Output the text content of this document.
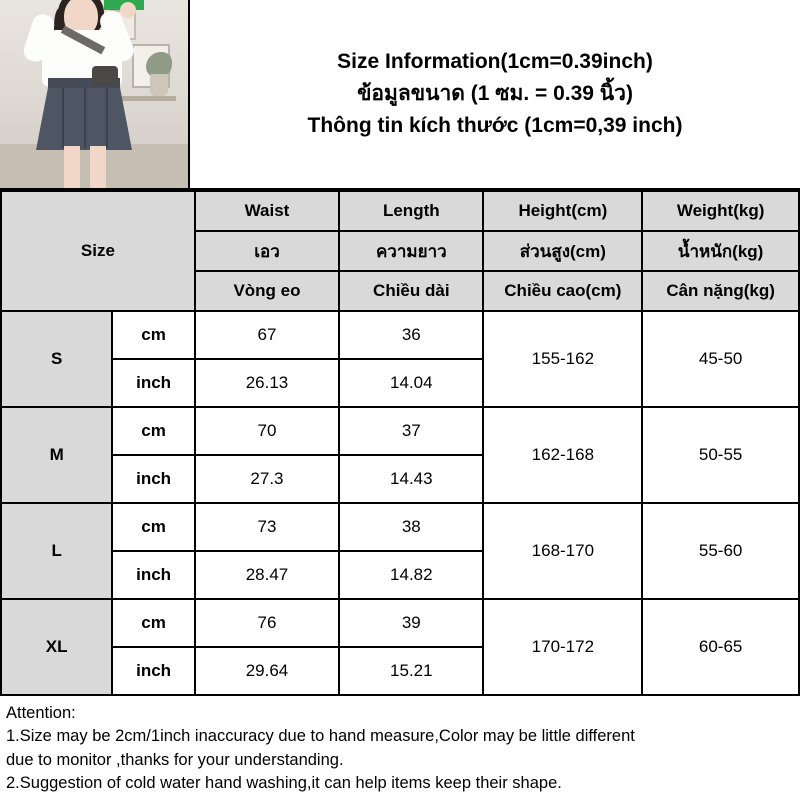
Size Information(1cm=0.39inch)
ข้อมูลขนาด (1 ซม. = 0.39 นิ้ว)
Thông tin kích thước (1cm=0,39 inch)
Size		Waist	Length	Height(cm)	Weight(kg)
		เอว	ความยาว	ส่วนสูง(cm)	น้ำหนัก(kg)
		Vòng eo	Chiều dài	Chiều cao(cm)	Cân nặng(kg)
S	cm	67	36	155-162	45-50
	inch	26.13	14.04		
M	cm	70	37	162-168	50-55
	inch	27.3	14.43		
L	cm	73	38	168-170	55-60
	inch	28.47	14.82		
XL	cm	76	39	170-172	60-65
	inch	29.64	15.21		

Attention:

1.Size may be 2cm/1inch inaccuracy due to hand measure,Color may be little different

due to monitor ,thanks for your understanding.

2.Suggestion of cold water hand washing,it can help items keep their shape.
